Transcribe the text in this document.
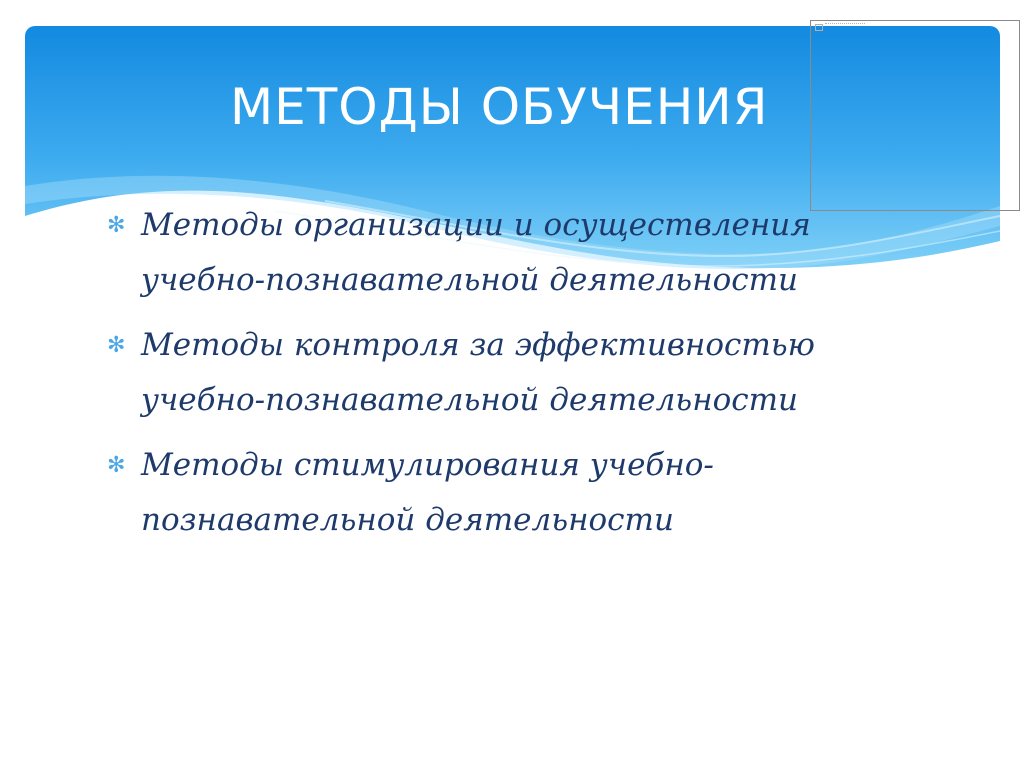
МЕТОДЫ ОБУЧЕНИЯ
✻ Методы организации и осуществления учебно-познавательной деятельности
✻ Методы контроля за эффективностью учебно-познавательной деятельности
✻ Методы стимулирования учебно-познавательной деятельности
